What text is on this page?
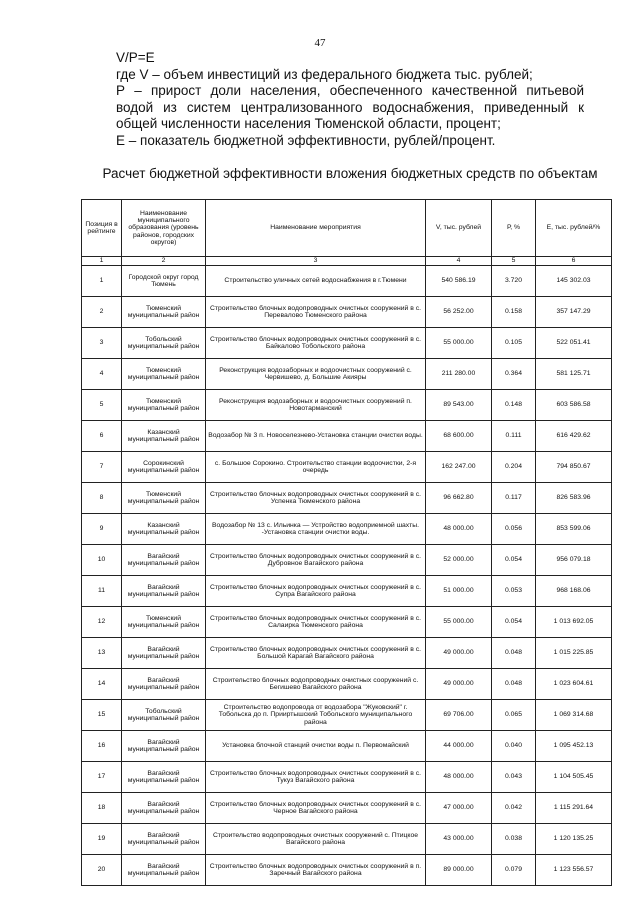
47

V/P=E

где V – объем инвестиций из федерального бюджета тыс. рублей;

Р – прирост доли населения, обеспеченного качественной питьевой водой из систем централизованного водоснабжения, приведенный к общей численности населения Тюменской области, процент;

Е – показатель бюджетной эффективности, рублей/процент.

Расчет бюджетной эффективности вложения бюджетных средств по объектам
Позиция в рейтинге	Наименование муниципального образования (уровень районов, городских округов)	Наименование мероприятия	V, тыс. рублей	Р, %	Е, тыс. рублей/%
1	2	3	4	5	6
1	Городской округ город Тюмень	Строительство уличных сетей водоснабжения в г.Тюмени	540 586.19	3.720	145 302.03
2	Тюменский муниципальный район	Строительство блочных водопроводных очистных сооружений в с. Перевалово Тюменского района	56 252.00	0.158	357 147.29
3	Тобольский муниципальный район	Строительство блочных водопроводных очистных сооружений в с. Байкалово Тобольского района	55 000.00	0.105	522 051.41
4	Тюменский муниципальный район	Реконструкция водозаборных и водоочистных сооружений с. Червишево, д. Большие Акияры	211 280.00	0.364	581 125.71
5	Тюменский муниципальный район	Реконструкция водозаборных и водоочистных сооружений п. Новотарманский	89 543.00	0.148	603 586.58
6	Казанский муниципальный район	Водозабор № 3 п. Новоселезнево-Установка станции очистки воды.	68 600.00	0.111	616 429.62
7	Сорокинский муниципальный район	с. Большое Сорокино. Строительство станции водоочистки, 2-я очередь	162 247.00	0.204	794 850.67
8	Тюменский муниципальный район	Строительство блочных водопроводных очистных сооружений в с. Успенка Тюменского района	96 662.80	0.117	826 583.96
9	Казанский муниципальный район	Водозабор № 13 с. Ильинка — Устройство водоприемной шахты. -Установка станции очистки воды.	48 000.00	0.056	853 599.06
10	Вагайский муниципальный район	Строительство блочных водопроводных очистных сооружений в с. Дубровное Вагайского района	52 000.00	0.054	956 079.18
11	Вагайский муниципальный район	Строительство блочных водопроводных очистных сооружений в с. Супра Вагайского района	51 000.00	0.053	968 168.06
12	Тюменский муниципальный район	Строительство блочных водопроводных очистных сооружений в с. Салаирка Тюменского района	55 000.00	0.054	1 013 692.05
13	Вагайский муниципальный район	Строительство блочных водопроводных очистных сооружений в с. Большой Карагай Вагайского района	49 000.00	0.048	1 015 225.85
14	Вагайский муниципальный район	Строительство блочных водопроводных очистных сооружений с. Бегишево Вагайского района	49 000.00	0.048	1 023 604.61
15	Тобольский муниципальный район	Строительство водопровода от водозабора "Жуковский" г. Тобольска до п. Прииртышский Тобольского муниципального района	69 706.00	0.065	1 069 314.68
16	Вагайский муниципальный район	Установка блочной станций очистки воды п. Первомайский	44 000.00	0.040	1 095 452.13
17	Вагайский муниципальный район	Строительство блочных водопроводных очистных сооружений в с. Тукуз Вагайского района	48 000.00	0.043	1 104 505.45
18	Вагайский муниципальный район	Строительство блочных водопроводных очистных сооружений в с. Черное Вагайского района	47 000.00	0.042	1 115 291.64
19	Вагайский муниципальный район	Строительство водопроводных очистных сооружений с. Птицкое Вагайского района	43 000.00	0.038	1 120 135.25
20	Вагайский муниципальный район	Строительство блочных водопроводных очистных сооружений в п. Заречный Вагайского района	89 000.00	0.079	1 123 556.57
